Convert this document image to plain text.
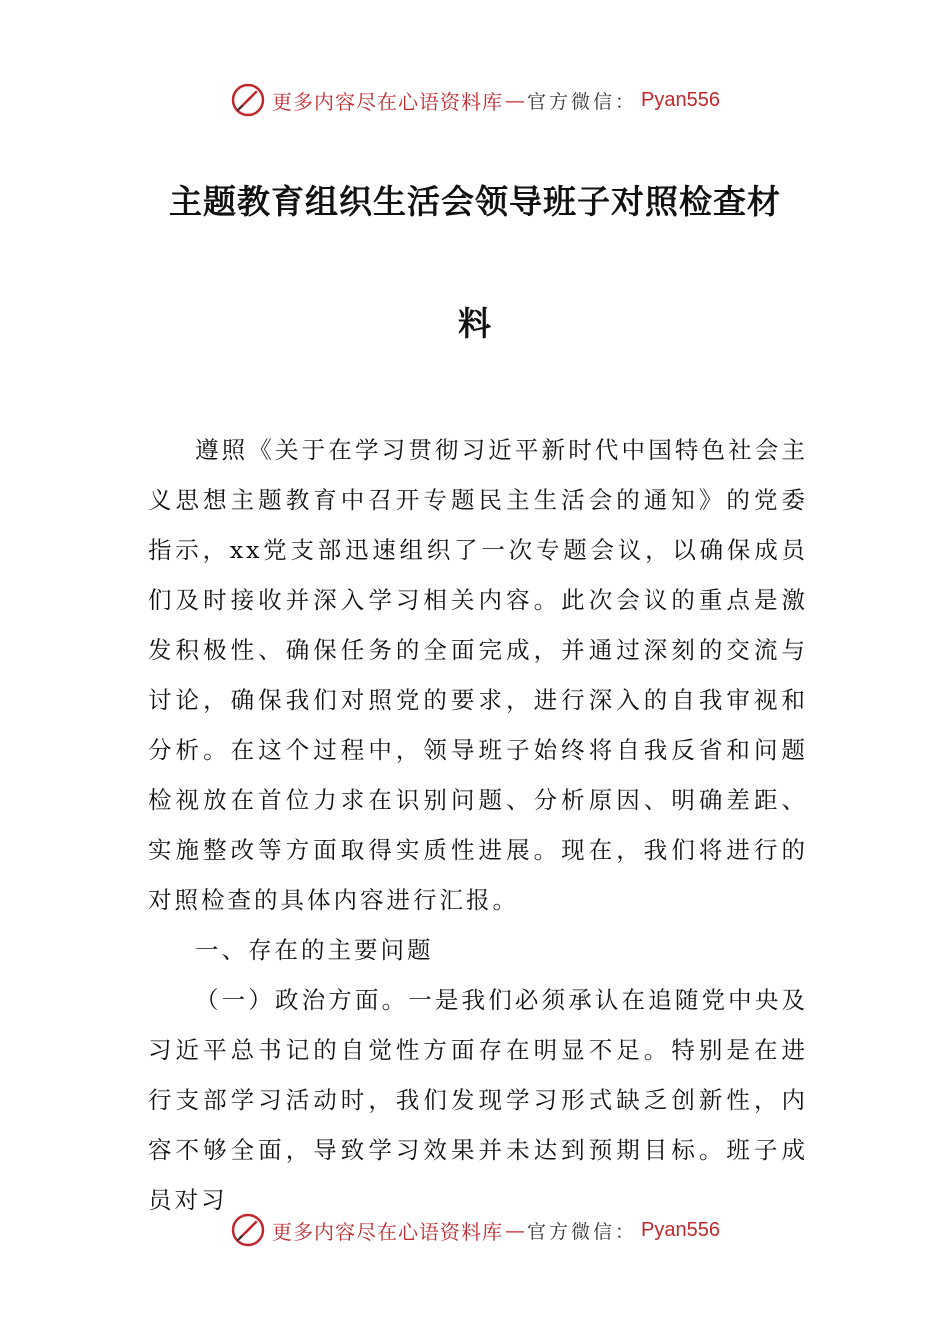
更多内容尽在心语资料库 — 官方微信： Pyan556
主题教育组织生活会领导班子对照检查材
料

遵照《关于在学习贯彻习近平新时代中国特色社会主义思想主题教育中召开专题民主生活会的通知》的党委指示，xx党支部迅速组织了一次专题会议，以确保成员们及时接收并深入学习相关内容。此次会议的重点是激发积极性、确保任务的全面完成，并通过深刻的交流与讨论，确保我们对照党的要求，进行深入的自我审视和分析。在这个过程中，领导班子始终将自我反省和问题检视放在首位力求在识别问题、分析原因、明确差距、实施整改等方面取得实质性进展。现在，我们将进行的对照检查的具体内容进行汇报。

一、存在的主要问题

（一）政治方面。一是我们必须承认在追随党中央及习近平总书记的自觉性方面存在明显不足。特别是在进行支部学习活动时，我们发现学习形式缺乏创新性，内容不够全面，导致学习效果并未达到预期目标。班子成员对习

更多内容尽在心语资料库 — 官方微信： Pyan556
